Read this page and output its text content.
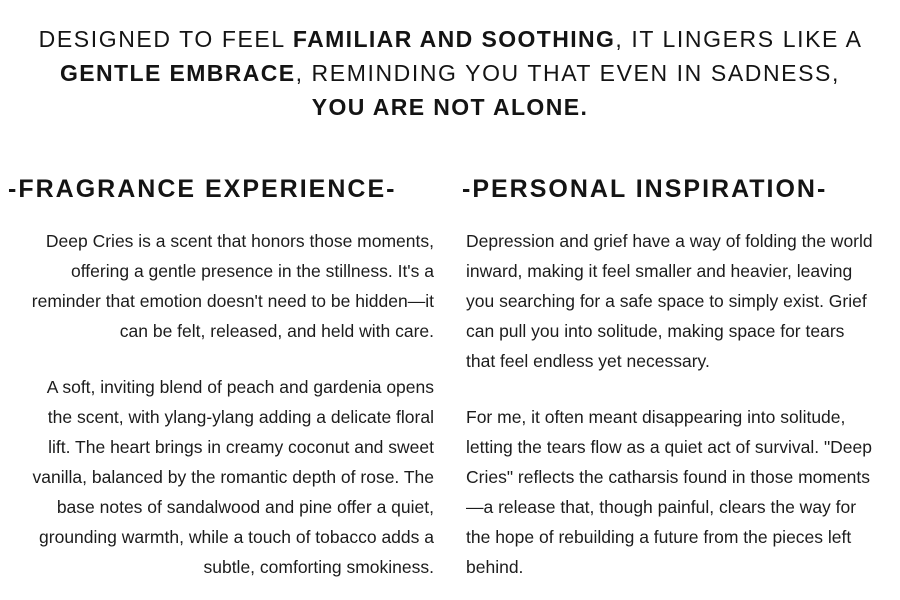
DESIGNED TO FEEL FAMILIAR AND SOOTHING, IT LINGERS LIKE A GENTLE EMBRACE, REMINDING YOU THAT EVEN IN SADNESS, YOU ARE NOT ALONE.

-FRAGRANCE EXPERIENCE-

Deep Cries is a scent that honors those moments, offering a gentle presence in the stillness. It's a reminder that emotion doesn't need to be hidden—it can be felt, released, and held with care.

A soft, inviting blend of peach and gardenia opens the scent, with ylang-ylang adding a delicate floral lift. The heart brings in creamy coconut and sweet vanilla, balanced by the romantic depth of rose. The base notes of sandalwood and pine offer a quiet, grounding warmth, while a touch of tobacco adds a subtle, comforting smokiness.

-PERSONAL INSPIRATION-

Depression and grief have a way of folding the world inward, making it feel smaller and heavier, leaving you searching for a safe space to simply exist. Grief can pull you into solitude, making space for tears that feel endless yet necessary.

For me, it often meant disappearing into solitude, letting the tears flow as a quiet act of survival. "Deep Cries" reflects the catharsis found in those moments—a release that, though painful, clears the way for the hope of rebuilding a future from the pieces left behind.
